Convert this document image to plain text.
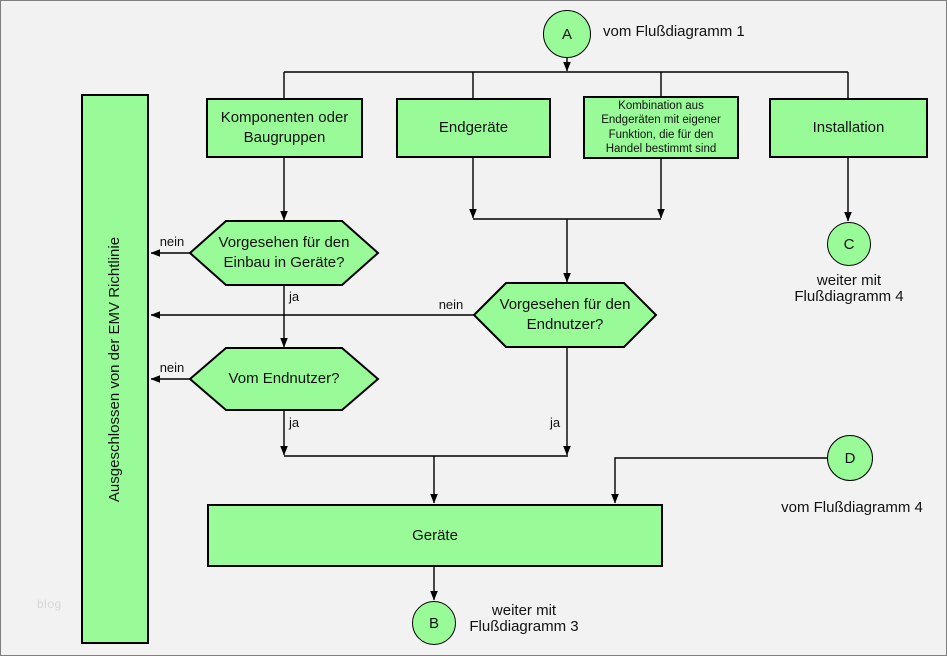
A vom Flußdiagramm 1
Ausgeschlossen von der EMV Richtlinie
Komponenten oder Baugruppen
Endgeräte
Kombination aus Endgeräten mit eigener Funktion, die für den Handel bestimmt sind
Installation
Vorgesehen für den Einbau in Geräte?
Vorgesehen für den Endnutzer?
Vom Endnutzer?
nein
ja
nein
nein
ja	ja
Geräte
C
weiter mit
Flußdiagramm 4
D
vom Flußdiagramm 4
B
weiter mit
Flußdiagramm 3
blog
